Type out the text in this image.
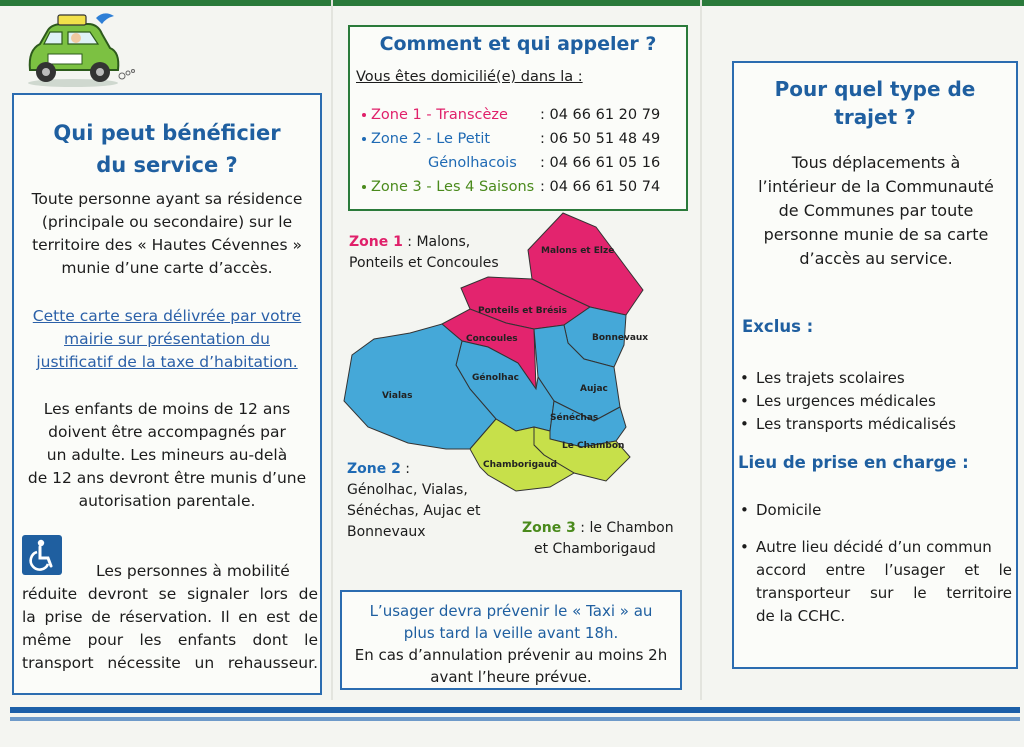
Qui peut bénéficier
du service ?
Toute personne ayant sa résidence
(principale ou secondaire) sur le
territoire des « Hautes Cévennes »
munie d’une carte d’accès.
Cette carte sera délivrée par votre
mairie sur présentation du
justificatif de la taxe d’habitation.
Les enfants de moins de 12 ans
doivent être accompagnés par
un adulte. Les mineurs au-delà
de 12 ans devront être munis d’une
autorisation parentale.
Les personnes à mobilité
réduite devront se signaler lors de
la prise de réservation. Il en est de
même pour les enfants dont le
transport nécessite un rehausseur.
Comment et qui appeler ?
Vous êtes domicilié(e) dans la :
Zone 1 - Transcèze : 04 66 61 20 79
Zone 2 - Le Petit	: 06 50 51 48 49
Génolhacois : 04 66 61 05 16
Zone 3 - Les 4 Saisons : 04 66 61 50 74
Zone 1 : Malons,
Ponteils et Concoules
Zone 2 :
Génolhac, Vialas,
Sénéchas, Aujac et
Bonnevaux	Zone 3 : le Chambon
et Chamborigaud
Malons et Elze
Ponteils et Brésis
Concoules	Bonnevaux
Génolhac
Aujac
Vialas
Sénéchas
Le Chambon
Chamborigaud
L’usager devra prévenir le « Taxi » au
plus tard la veille avant 18h.
En cas d’annulation prévenir au moins 2h
avant l’heure prévue.
Pour quel type de
trajet ?
Tous déplacements à
l’intérieur de la Communauté
de Communes par toute
personne munie de sa carte
d’accès au service.
Exclus :
• Les trajets scolaires
• Les urgences médicales
• Les transports médicalisés
Lieu de prise en charge :
• Domicile
• Autre lieu décidé d’un commun
accord entre l’usager et le
transporteur sur le territoire
de la CCHC.
